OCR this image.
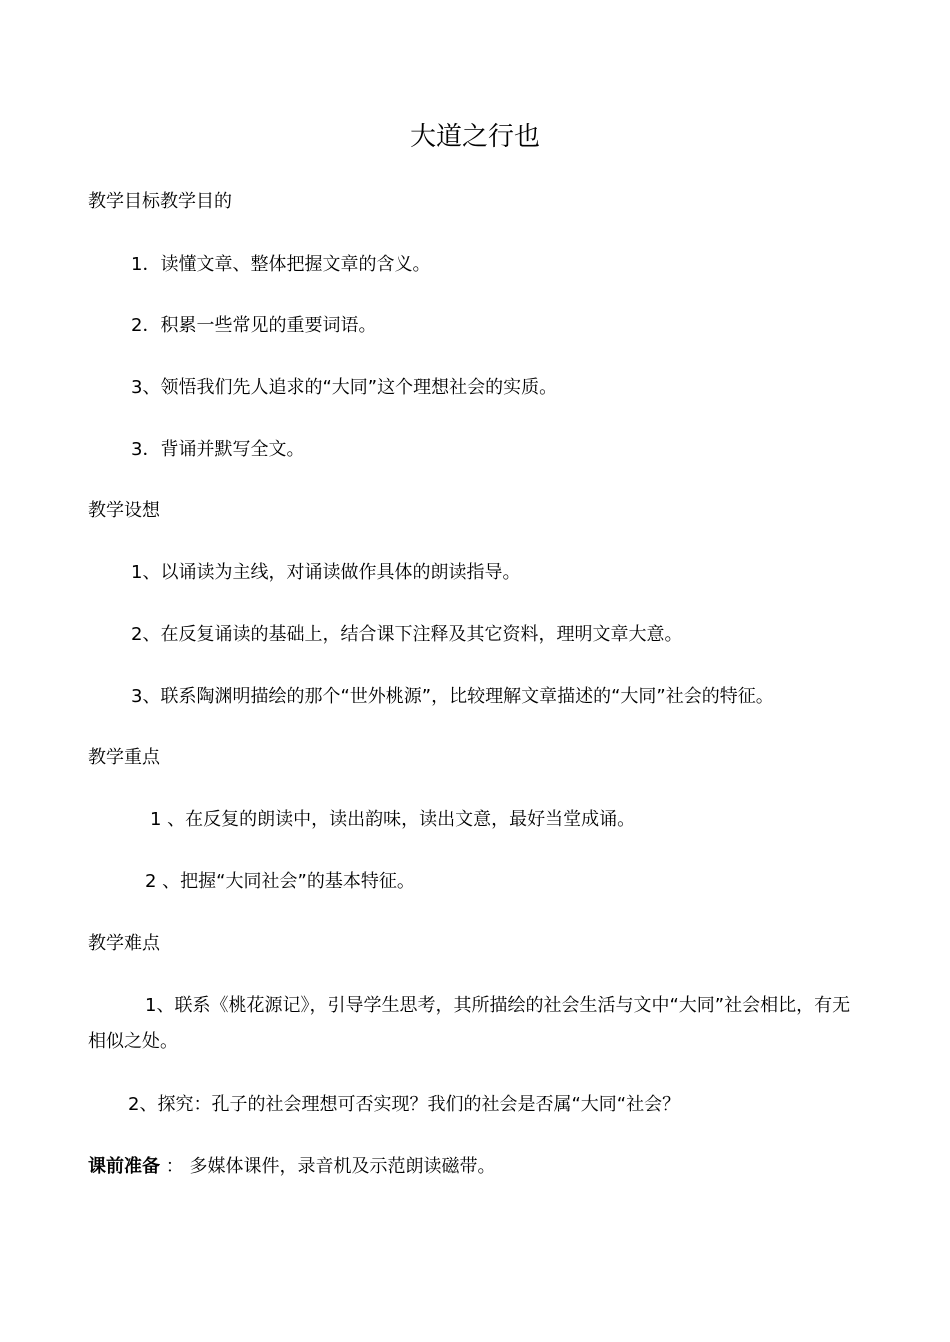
大道之行也
教学目标教学目的
1．读懂文章、整体把握文章的含义。
2．积累一些常见的重要词语。
3、领悟我们先人追求的“大同”这个理想社会的实质。
3．背诵并默写全文。
教学设想
1、以诵读为主线，对诵读做作具体的朗读指导。
2、在反复诵读的基础上，结合课下注释及其它资料，理明文章大意。
3、联系陶渊明描绘的那个“世外桃源”，比较理解文章描述的“大同”社会的特征。
教学重点
1 、在反复的朗读中，读出韵味，读出文意，最好当堂成诵。
2 、把握“大同社会”的基本特征。
教学难点
1、联系《桃花源记》，引导学生思考，其所描绘的社会生活与文中“大同”社会相比，有无相似之处。
2、探究：孔子的社会理想可否实现？我们的社会是否属“大同“社会？
课前准备 ： 多媒体课件，录音机及示范朗读磁带。
